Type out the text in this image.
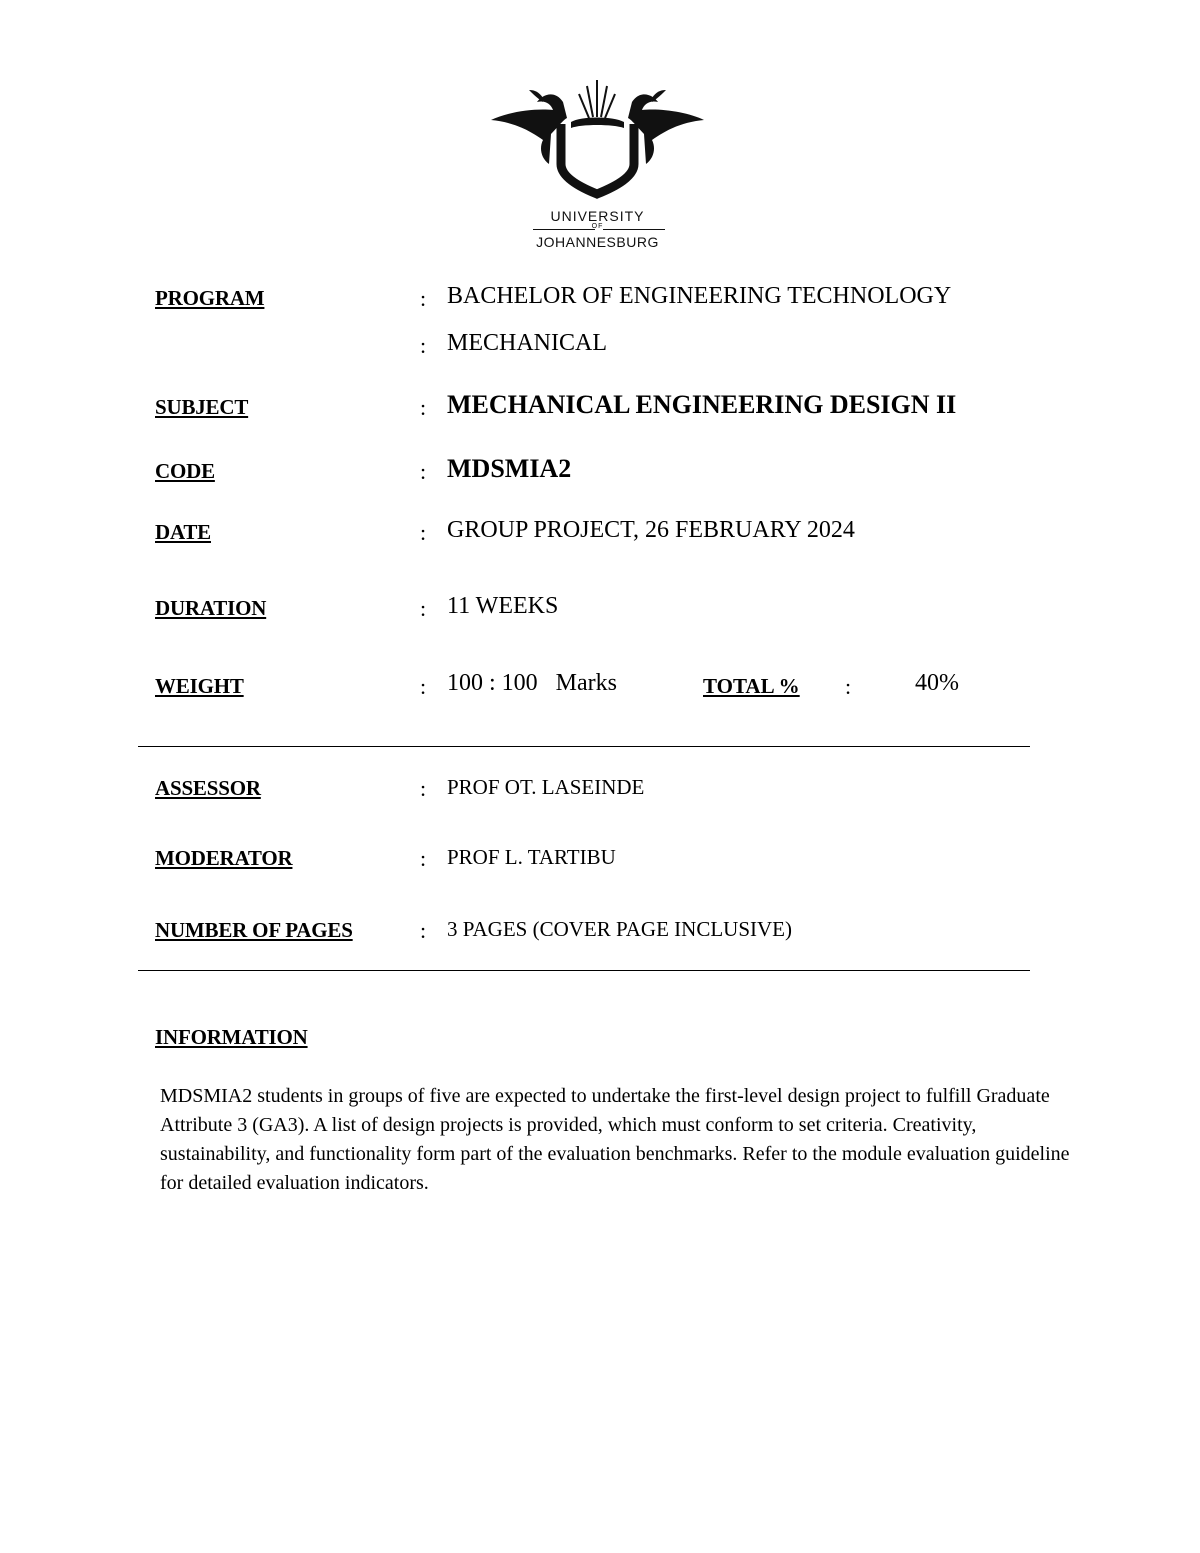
UNIVERSITY
OF
JOHANNESBURG
PROGRAM	: BACHELOR OF ENGINEERING TECHNOLOGY
: MECHANICAL
SUBJECT	: MECHANICAL ENGINEERING DESIGN II
CODE	: MDSMIA2
DATE	: GROUP PROJECT, 26 FEBRUARY 2024
DURATION	: 11 WEEKS
WEIGHT	: 100 : 100   Marks	TOTAL % :	40%
ASSESSOR	: PROF OT. LASEINDE
MODERATOR	: PROF L. TARTIBU
NUMBER OF PAGES	: 3 PAGES (COVER PAGE INCLUSIVE)
INFORMATION
MDSMIA2 students in groups of five are expected to undertake the first-level design project to fulfill Graduate Attribute 3 (GA3). A list of design projects is provided, which must conform to set criteria. Creativity, sustainability, and functionality form part of the evaluation benchmarks. Refer to the module evaluation guideline for detailed evaluation indicators.
